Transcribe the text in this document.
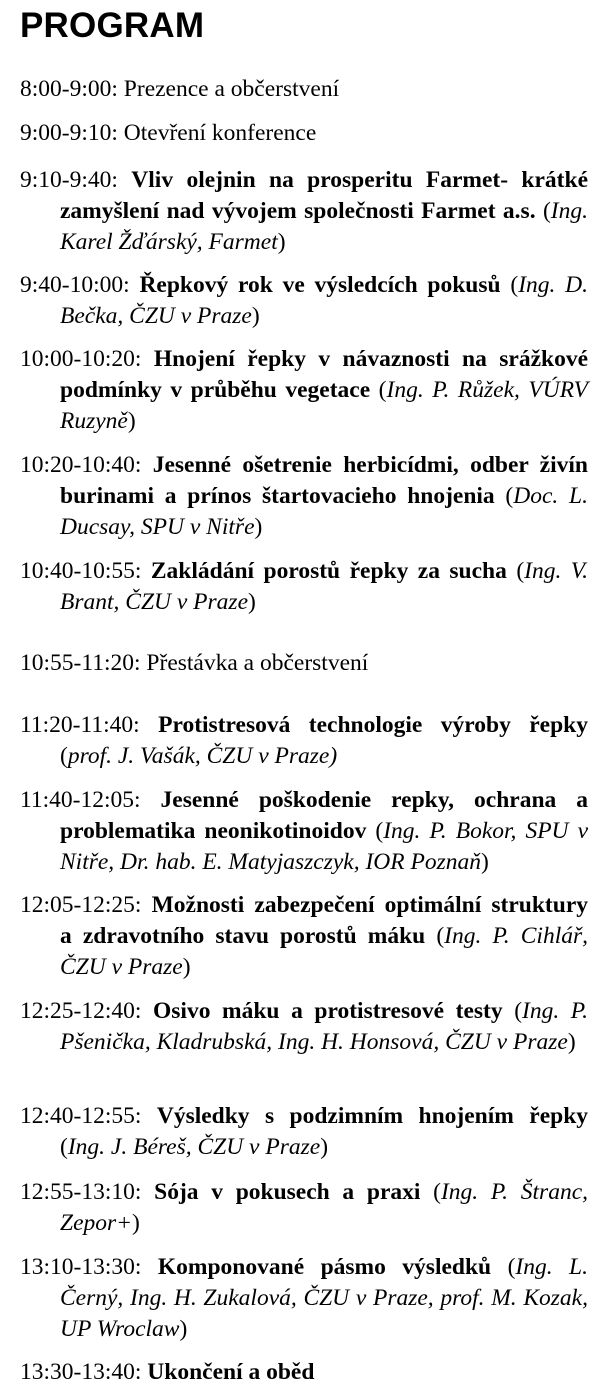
PROGRAM
8:00-9:00: Prezence a občerstvení
9:00-9:10: Otevření konference
9:10-9:40: Vliv olejnin na prosperitu Farmet- krátké zamyšlení nad vývojem společnosti Farmet a.s. (Ing. Karel Žďárský, Farmet)
9:40-10:00: Řepkový rok ve výsledcích pokusů (Ing. D. Bečka, ČZU v Praze)
10:00-10:20: Hnojení řepky v návaznosti na srážkové podmínky v průběhu vegetace (Ing. P. Růžek, VÚRV Ruzyně)
10:20-10:40: Jesenné ošetrenie herbicídmi, odber živín burinami a prínos štartovacieho hnojenia (Doc. L. Ducsay, SPU v Nitře)
10:40-10:55: Zakládání porostů řepky za sucha (Ing. V. Brant, ČZU v Praze)
10:55-11:20: Přestávka a občerstvení
11:20-11:40: Protistresová technologie výroby řepky (prof. J. Vašák, ČZU v Praze)
11:40-12:05: Jesenné poškodenie repky, ochrana a problematika neonikotinoidov (Ing. P. Bokor, SPU v Nitře, Dr. hab. E. Matyjaszczyk, IOR Poznaň)
12:05-12:25: Možnosti zabezpečení optimální struktury a zdravotního stavu porostů máku (Ing. P. Cihlář, ČZU v Praze)
12:25-12:40: Osivo máku a protistresové testy (Ing. P. Pšenička, Kladrubská, Ing. H. Honsová, ČZU v Praze)
12:40-12:55: Výsledky s podzimním hnojením řepky (Ing. J. Béreš, ČZU v Praze)
12:55-13:10: Sója v pokusech a praxi (Ing. P. Štranc, Zepor+)
13:10-13:30: Komponované pásmo výsledků (Ing. L. Černý, Ing. H. Zukalová, ČZU v Praze, prof. M. Kozak, UP Wroclaw)
13:30-13:40: Ukončení a oběd
